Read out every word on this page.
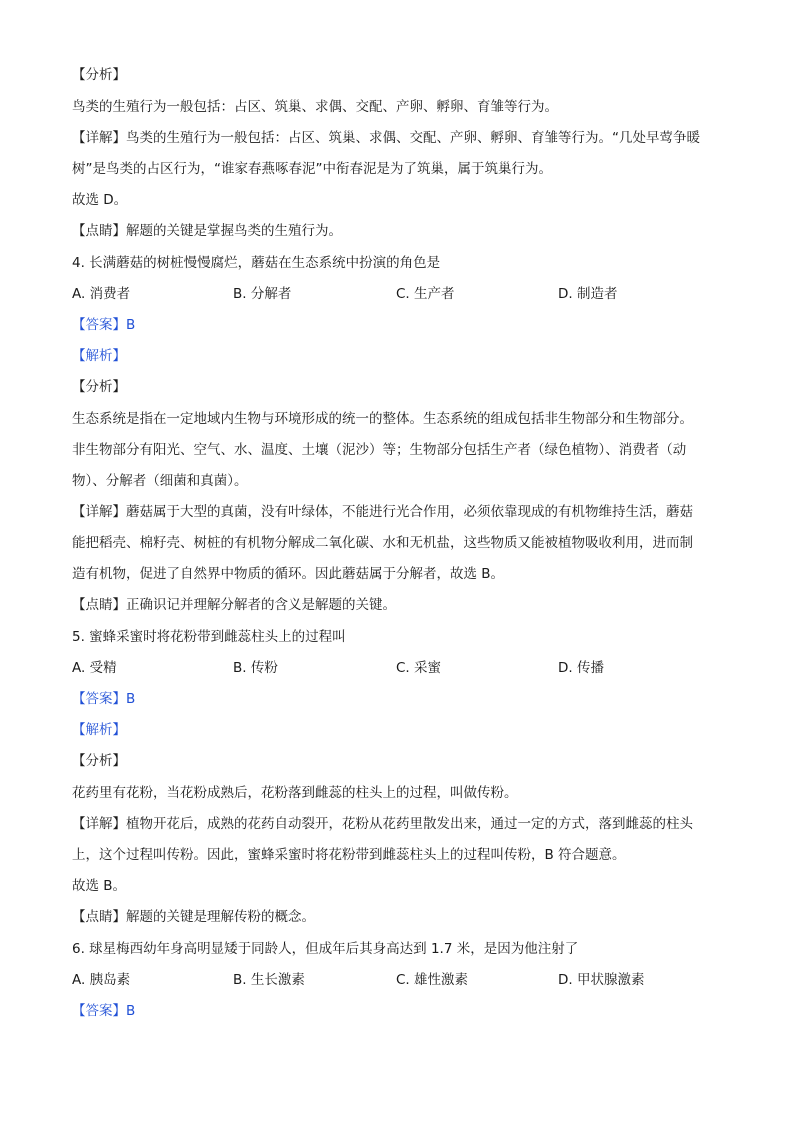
【分析】
鸟类的生殖行为一般包括：占区、筑巢、求偶、交配、产卵、孵卵、育雏等行为。
【详解】鸟类的生殖行为一般包括：占区、筑巢、求偶、交配、产卵、孵卵、育雏等行为。“几处早莺争暖
树”是鸟类的占区行为，“谁家春燕啄春泥”中衔春泥是为了筑巢，属于筑巢行为。
故选 D。
【点睛】解题的关键是掌握鸟类的生殖行为。
4. 长满蘑菇的树桩慢慢腐烂，蘑菇在生态系统中扮演的角色是
A. 消费者	B. 分解者	C. 生产者	D. 制造者
【答案】B
【解析】
【分析】
生态系统是指在一定地域内生物与环境形成的统一的整体。生态系统的组成包括非生物部分和生物部分。
非生物部分有阳光、空气、水、温度、土壤（泥沙）等；生物部分包括生产者（绿色植物）、消费者（动
物）、分解者（细菌和真菌）。
【详解】蘑菇属于大型的真菌，没有叶绿体，不能进行光合作用，必须依靠现成的有机物维持生活，蘑菇
能把稻壳、棉籽壳、树桩的有机物分解成二氧化碳、水和无机盐，这些物质又能被植物吸收利用，进而制
造有机物，促进了自然界中物质的循环。因此蘑菇属于分解者，故选 B。
【点睛】正确识记并理解分解者的含义是解题的关键。
5. 蜜蜂采蜜时将花粉带到雌蕊柱头上的过程叫
A. 受精	B. 传粉	C. 采蜜	D. 传播
【答案】B
【解析】
【分析】
花药里有花粉，当花粉成熟后，花粉落到雌蕊的柱头上的过程，叫做传粉。
【详解】植物开花后，成熟的花药自动裂开，花粉从花药里散发出来，通过一定的方式，落到雌蕊的柱头
上，这个过程叫传粉。因此，蜜蜂采蜜时将花粉带到雌蕊柱头上的过程叫传粉，B 符合题意。
故选 B。
【点睛】解题的关键是理解传粉的概念。
6. 球星梅西幼年身高明显矮于同龄人，但成年后其身高达到 1.7 米，是因为他注射了
A. 胰岛素	B. 生长激素	C. 雄性激素	D. 甲状腺激素
【答案】B
